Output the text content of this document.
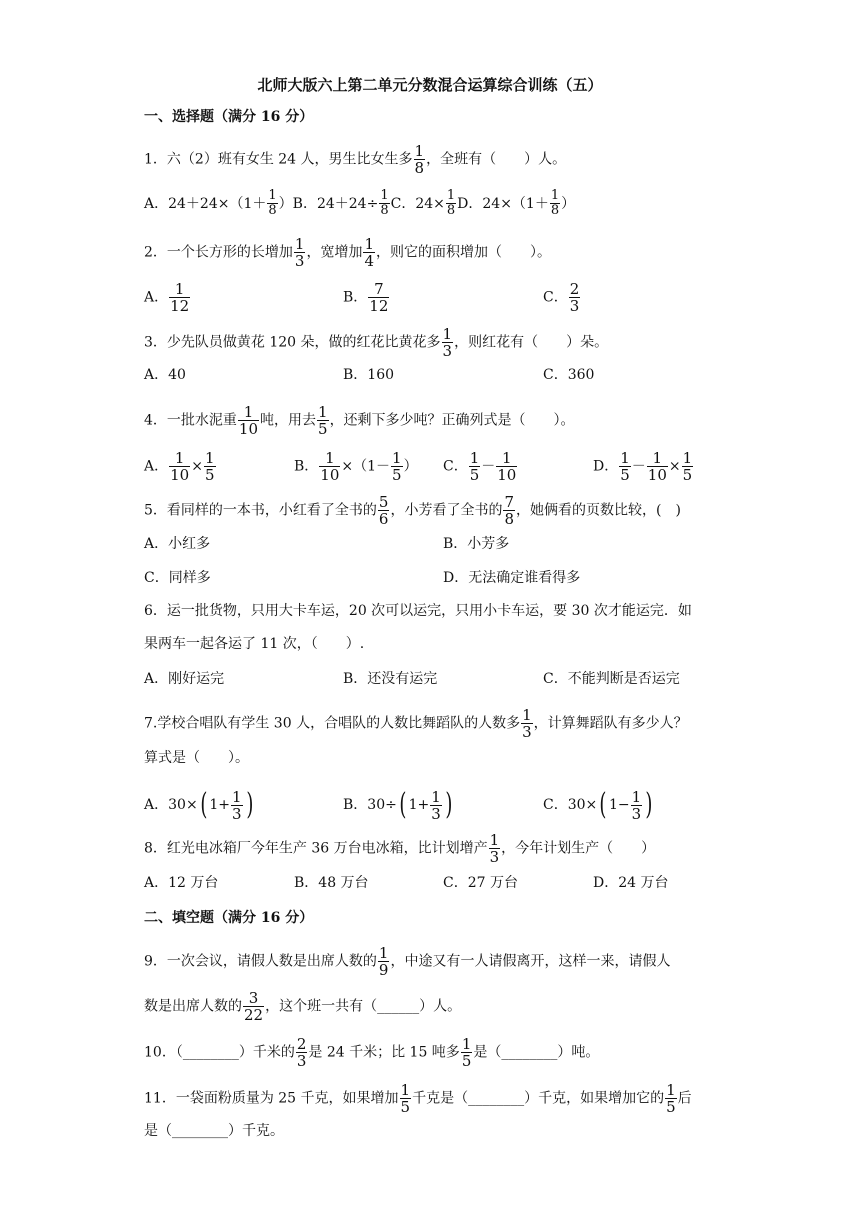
北师大版六上第二单元分数混合运算综合训练（五）
一、选择题（满分 16 分）
1．六（2）班有女生 24 人，男生比女生多 $\frac{1}{8}$ ，全班有（　　）人。
A．$24+24\times(1+ \frac{1}{8} )B$．$24+24\div \frac{1}{8}$ C．$24\times \frac{1}{8}$ D．$24\times(1+ \frac{1}{8}$ ）
2．一个长方形的长增加 $\frac{1}{3}$ ，宽增加 $\frac{1}{4}$ ，则它的面积增加（　　）。
A． $\frac{1}{12}$	B． $\frac{7}{12}$	C． $\frac{2}{3}$
3．少先队员做黄花 120 朵，做的红花比黄花多 $\frac{1}{3}$ ，则红花有（　　）朵。
A．40	B．160	C．360
4．一批水泥重 $\frac{1}{10}$ 吨，用去 $\frac{1}{5}$ ，还剩下多少吨？正确列式是（　　）。
A． $\frac{1}{10} \times \frac{1}{5}$	B． $\frac{1}{10} \times(1- \frac{1}{5}$ ） C． $\frac{1}{5} - \frac{1}{10}$	D． $\frac{1}{5} - \frac{1}{10} \times \frac{1}{5}$
5．看同样的一本书，小红看了全书的 $\frac{5}{6}$ ，小芳看了全书的 $\frac{7}{8}$ ，她俩看的页数比较，(　)
A．小红多	B．小芳多
C．同样多	D．无法确定谁看得多
6．运一批货物，只用大卡车运，20 次可以运完，只用小卡车运，要 30 次才能运完．如
果两车一起各运了 11 次，（　　）.
A．刚好运完	B．还没有运完	C．不能判断是否运完
7.学校合唱队有学生 30 人，合唱队的人数比舞蹈队的人数多 $\frac{1}{3}$ ，计算舞蹈队有多少人？
算式是（　　）。
A．30×( $1+ \frac{1}{3}$ )	B．30÷( $1+ \frac{1}{3}$ )	C．30×( $1- \frac{1}{3}$ )
8．红光电冰箱厂今年生产 36 万台电冰箱，比计划增产 $\frac{1}{3}$ ，今年计划生产（　　）
A．12 万台	B．48 万台	C．27 万台	D．24 万台
二、填空题（满分 16 分）
9．一次会议，请假人数是出席人数的 $\frac{1}{9}$ ，中途又有一人请假离开，这样一来，请假人
数是出席人数的 $\frac{3}{22}$ ，这个班一共有（______）人。
10．（________）千米的 $\frac{2}{3}$ 是 24 千米；比 15 吨多 $\frac{1}{5}$ 是（________）吨。
11．一袋面粉质量为 25 千克，如果增加 $\frac{1}{5}$ 千克是（________）千克，如果增加它的 $\frac{1}{5}$ 后
是（________）千克。
